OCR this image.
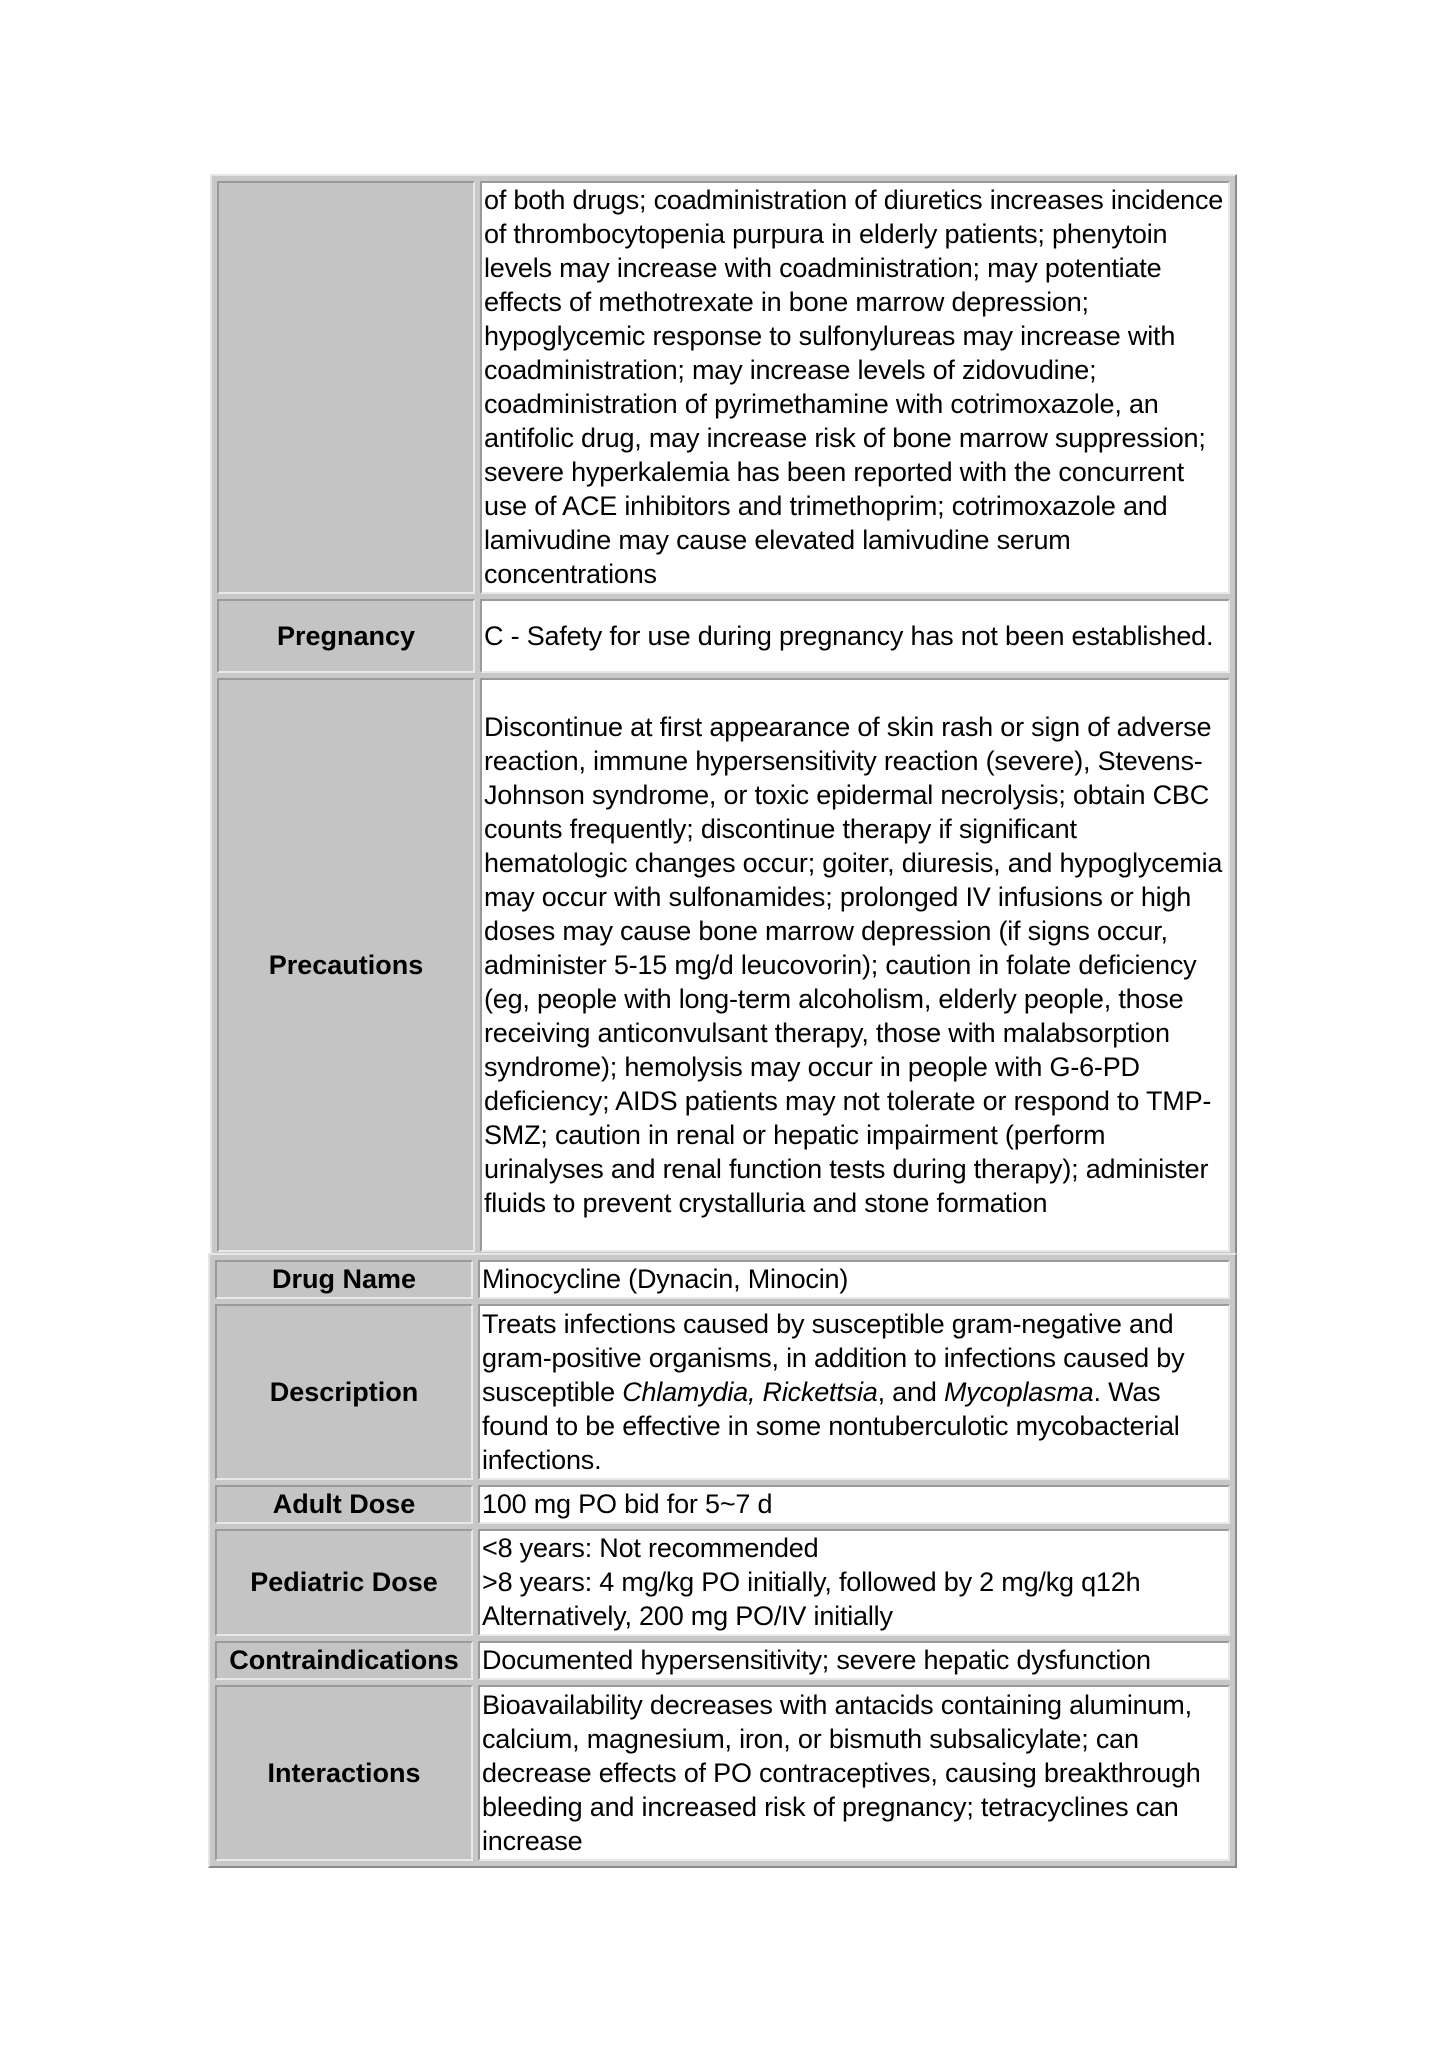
	of both drugs; coadministration of diuretics increases incidence of thrombocytopenia purpura in elderly patients; phenytoin levels may increase with coadministration; may potentiate effects of methotrexate in bone marrow depression; hypoglycemic response to sulfonylureas may increase with coadministration; may increase levels of zidovudine; coadministration of pyrimethamine with cotrimoxazole, an antifolic drug, may increase risk of bone marrow suppression; severe hyperkalemia has been reported with the concurrent use of ACE inhibitors and trimethoprim; cotrimoxazole and lamivudine may cause elevated lamivudine serum concentrations
Pregnancy	C - Safety for use during pregnancy has not been established.
Precautions	Discontinue at first appearance of skin rash or sign of adverse reaction, immune hypersensitivity reaction (severe), Stevens-Johnson syndrome, or toxic epidermal necrolysis; obtain CBC counts frequently; discontinue therapy if significant hematologic changes occur; goiter, diuresis, and hypoglycemia may occur with sulfonamides; prolonged IV infusions or high doses may cause bone marrow depression (if signs occur, administer 5-15 mg/d leucovorin); caution in folate deficiency (eg, people with long-term alcoholism, elderly people, those receiving anticonvulsant therapy, those with malabsorption syndrome); hemolysis may occur in people with G-6-PD deficiency; AIDS patients may not tolerate or respond to TMP-SMZ; caution in renal or hepatic impairment (perform urinalyses and renal function tests during therapy); administer fluids to prevent crystalluria and stone formation
Drug Name	Minocycline (Dynacin, Minocin)
Description	Treats infections caused by susceptible gram-negative and gram-positive organisms, in addition to infections caused by susceptible Chlamydia, Rickettsia, and Mycoplasma. Was found to be effective in some nontuberculotic mycobacterial infections.
Adult Dose	100 mg PO bid for 5~7 d
Pediatric Dose	<8 years: Not recommended
>8 years: 4 mg/kg PO initially, followed by 2 mg/kg q12h
Alternatively, 200 mg PO/IV initially

Contraindications	Documented hypersensitivity; severe hepatic dysfunction
Interactions	Bioavailability decreases with antacids containing aluminum, calcium, magnesium, iron, or bismuth subsalicylate; can decrease effects of PO contraceptives, causing breakthrough bleeding and increased risk of pregnancy; tetracyclines can increase
